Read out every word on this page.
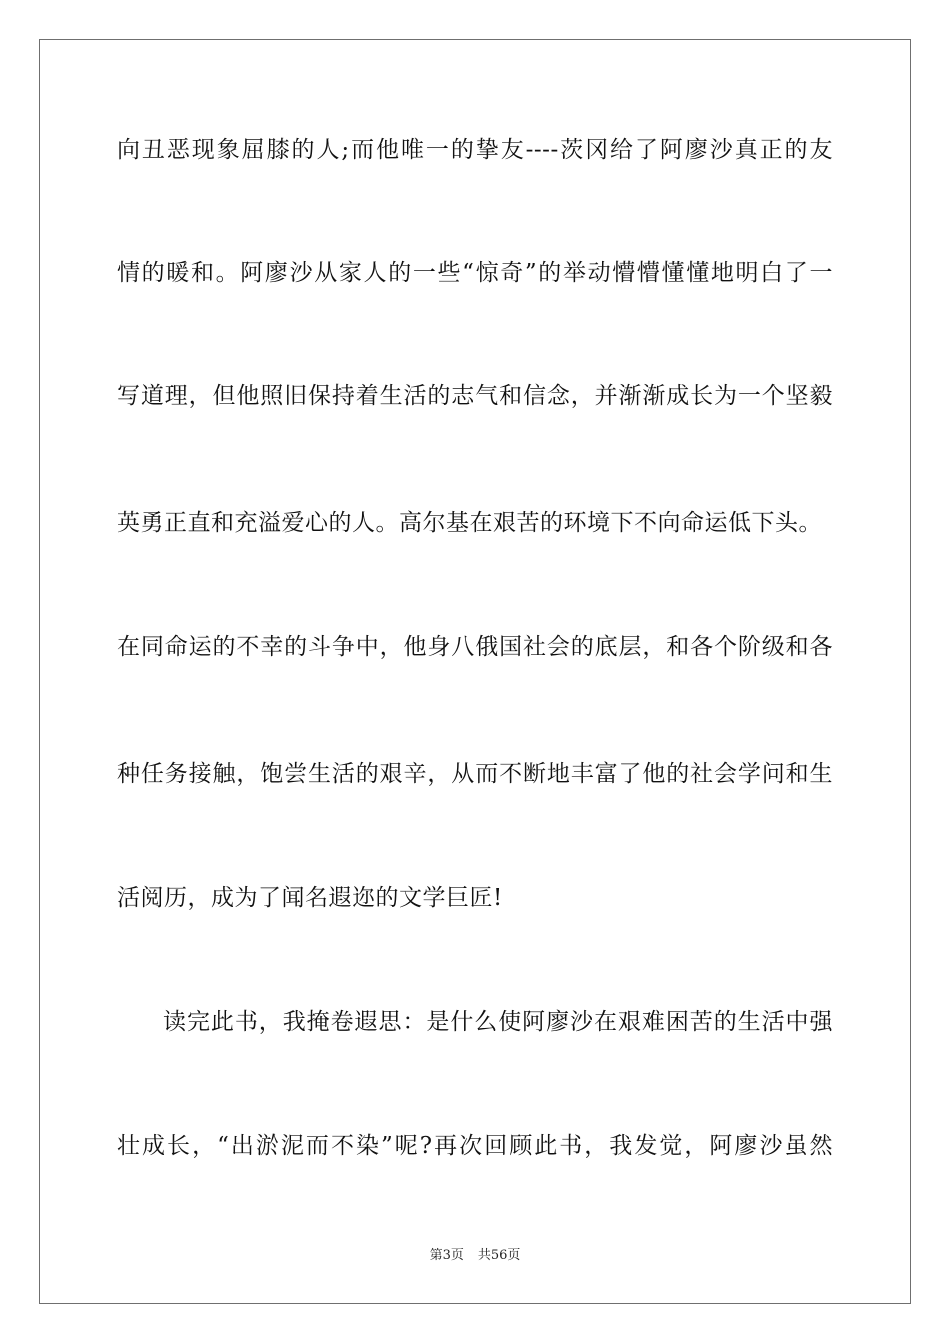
向丑恶现象屈膝的人;而他唯一的挚友----茨冈给了阿廖沙真正的友
情的暖和。阿廖沙从家人的一些“惊奇”的举动懵懵懂懂地明白了一
写道理，但他照旧保持着生活的志气和信念，并渐渐成长为一个坚毅
英勇正直和充溢爱心的人。高尔基在艰苦的环境下不向命运低下头。
在同命运的不幸的斗争中，他身八俄国社会的底层，和各个阶级和各
种任务接触，饱尝生活的艰辛，从而不断地丰富了他的社会学问和生
活阅历，成为了闻名遐迩的文学巨匠!
读完此书，我掩卷遐思：是什么使阿廖沙在艰难困苦的生活中强
壮成长，“出淤泥而不染”呢?再次回顾此书，我发觉，阿廖沙虽然
第3页 共56页
